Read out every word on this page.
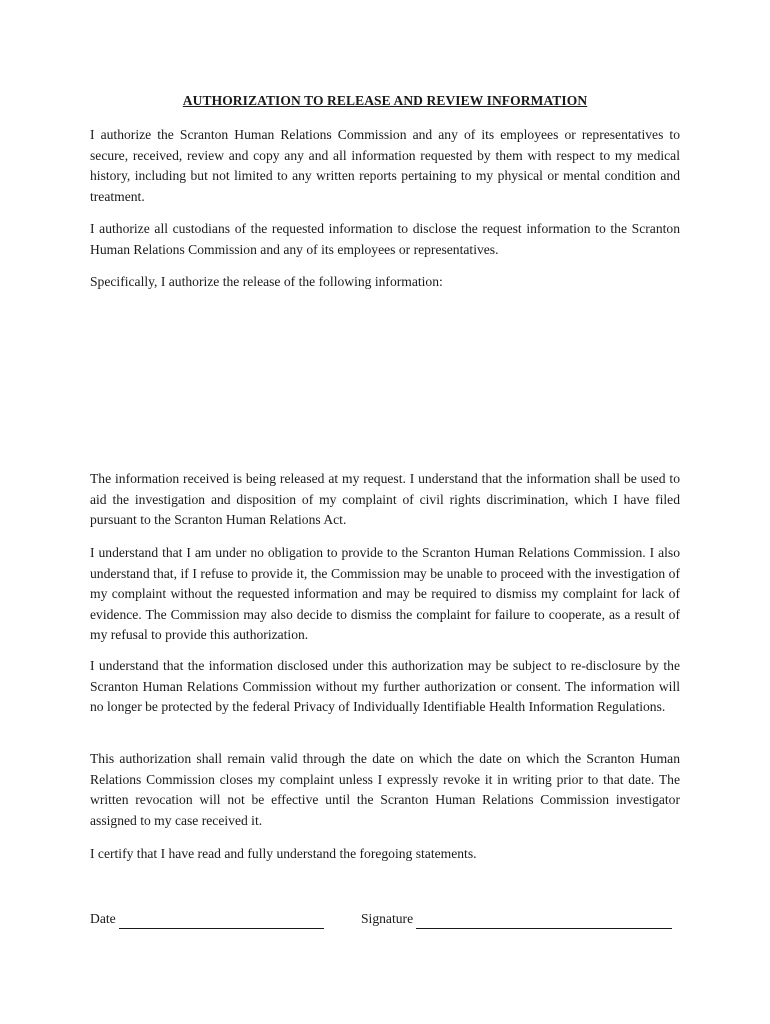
AUTHORIZATION TO RELEASE AND REVIEW INFORMATION

I authorize the Scranton Human Relations Commission and any of its employees or representatives to secure, received, review and copy any and all information requested by them with respect to my medical history, including but not limited to any written reports pertaining to my physical or mental condition and treatment.

I authorize all custodians of the requested information to disclose the request information to the Scranton Human Relations Commission and any of its employees or representatives.

Specifically, I authorize the release of the following information:

The information received is being released at my request. I understand that the information shall be used to aid the investigation and disposition of my complaint of civil rights discrimination, which I have filed pursuant to the Scranton Human Relations Act.

I understand that I am under no obligation to provide to the Scranton Human Relations Commission. I also understand that, if I refuse to provide it, the Commission may be unable to proceed with the investigation of my complaint without the requested information and may be required to dismiss my complaint for lack of evidence. The Commission may also decide to dismiss the complaint for failure to cooperate, as a result of my refusal to provide this authorization.

I understand that the information disclosed under this authorization may be subject to re-disclosure by the Scranton Human Relations Commission without my further authorization or consent. The information will no longer be protected by the federal Privacy of Individually Identifiable Health Information Regulations.

This authorization shall remain valid through the date on which the date on which the Scranton Human Relations Commission closes my complaint unless I expressly revoke it in writing prior to that date. The written revocation will not be effective until the Scranton Human Relations Commission investigator assigned to my case received it.

I certify that I have read and fully understand the foregoing statements.

Date	Signature
